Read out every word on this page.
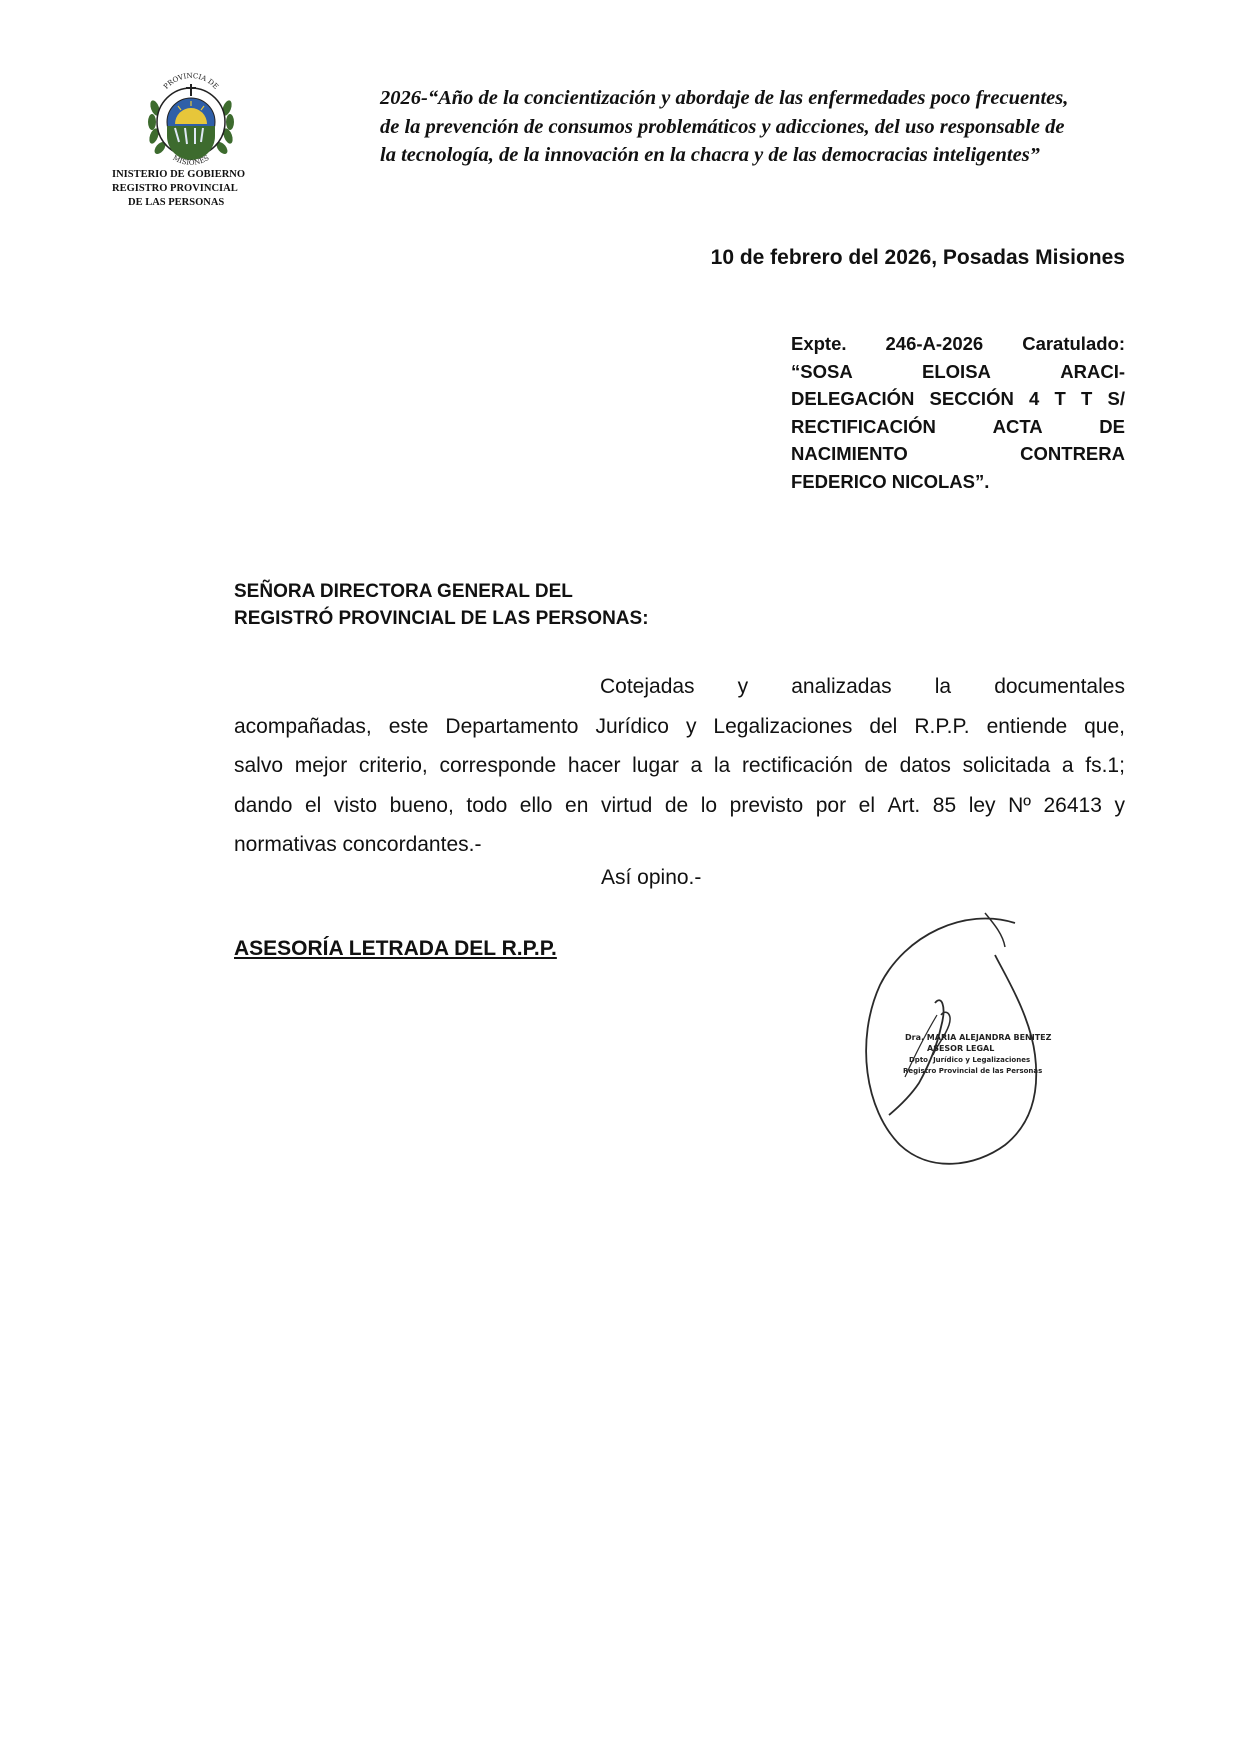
PROVINCIA DE
MISIONES
INISTERIO DE GOBIERNO
REGISTRO PROVINCIAL
DE LAS PERSONAS
2026-“Año de la concientización y abordaje de las enfermedades poco frecuentes,
de la prevención de consumos problemáticos y adicciones, del uso responsable de
la tecnología, de la innovación en la chacra y de las democracias inteligentes”
10 de febrero del 2026, Posadas Misiones
Expte. 246-A-2026 Caratulado:
“SOSA	ELOISA	ARACI-
DELEGACIÓN SECCIÓN 4 T T S/
RECTIFICACIÓN	ACTA	DE
NACIMIENTO	CONTRERA
FEDERICO NICOLAS”.
SEÑORA DIRECTORA GENERAL DEL
REGISTRÓ PROVINCIAL DE LAS PERSONAS:
Cotejadas y analizadas la documentales
acompañadas, este Departamento Jurídico y Legalizaciones del R.P.P. entiende que,
salvo mejor criterio, corresponde hacer lugar a la rectificación de datos solicitada a fs.1;
dando el visto bueno, todo ello en virtud de lo previsto por el Art. 85 ley Nº 26413 y
normativas concordantes.-
Así opino.-
ASESORÍA LETRADA DEL R.P.P.
Dra. MARIA ALEJANDRA BENITEZ
ASESOR LEGAL
Dpto. Jurídico y Legalizaciones
Registro Provincial de las Personas
